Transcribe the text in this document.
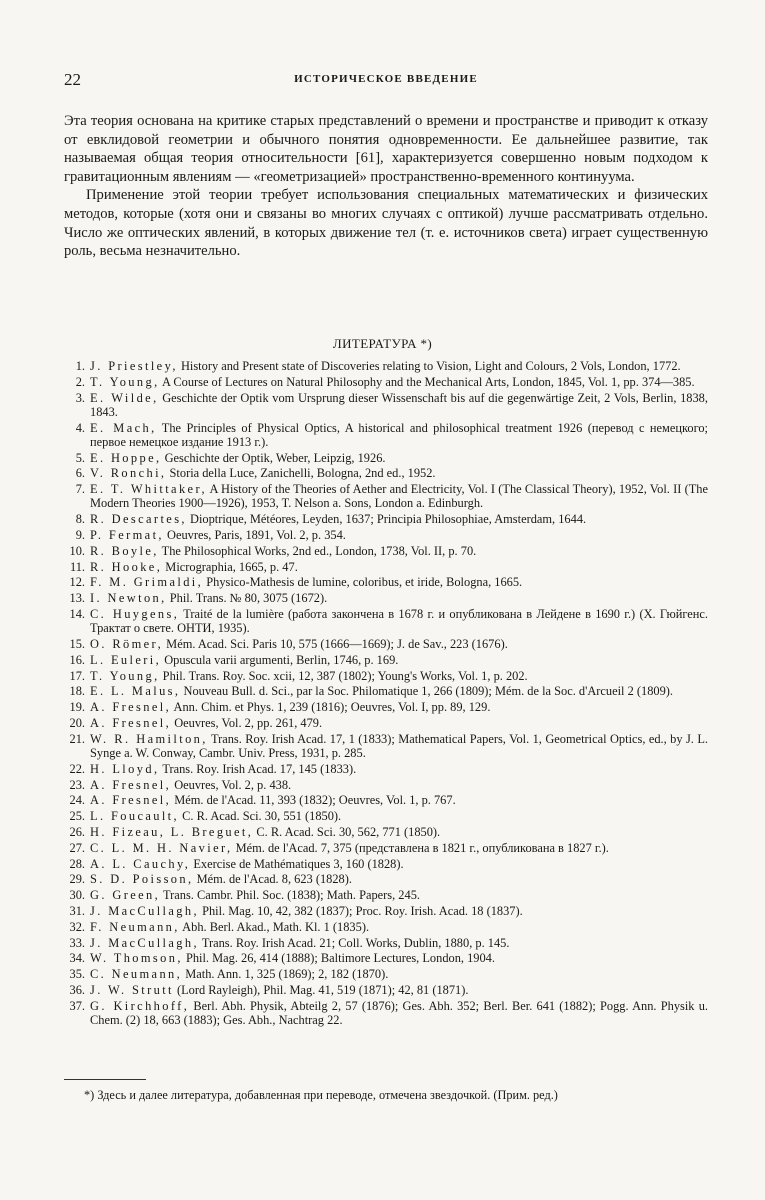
22	ИСТОРИЧЕСКОЕ ВВЕДЕНИЕ

Эта теория основана на критике старых представлений о времени и пространстве и приводит к отказу от евклидовой геометрии и обычного понятия одновременности. Ее дальнейшее развитие, так называемая общая теория относительности [61], характеризуется совершенно новым подходом к гравитационным явлениям — «геометризацией» пространственно-временного континуума.

Применение этой теории требует использования специальных математических и физических методов, которые (хотя они и связаны во многих случаях с оптикой) лучше рассматривать отдельно. Число же оптических явлений, в которых движение тел (т. е. источников света) играет существенную роль, весьма незначительно.

ЛИТЕРАТУРА *)
1. J. Priestley, History and Present state of Discoveries relating to Vision, Light and Colours, 2 Vols, London, 1772.
2. T. Young, A Course of Lectures on Natural Philosophy and the Mechanical Arts, London, 1845, Vol. 1, pp. 374—385.
3. E. Wilde, Geschichte der Optik vom Ursprung dieser Wissenschaft bis auf die gegenwärtige Zeit, 2 Vols, Berlin, 1838, 1843.
4. E. Mach, The Principles of Physical Optics, A historical and philosophical treatment 1926 (перевод с немецкого; первое немецкое издание 1913 г.).
5. E. Hoppe, Geschichte der Optik, Weber, Leipzig, 1926.
6. V. Ronchi, Storia della Luce, Zanichelli, Bologna, 2nd ed., 1952.
7. E. T. Whittaker, A History of the Theories of Aether and Electricity, Vol. I (The Classical Theory), 1952, Vol. II (The Modern Theories 1900—1926), 1953, T. Nelson a. Sons, London a. Edinburgh.
8. R. Descartes, Dioptrique, Météores, Leyden, 1637; Principia Philosophiae, Amsterdam, 1644.
9. P. Fermat, Oeuvres, Paris, 1891, Vol. 2, p. 354.
10. R. Boyle, The Philosophical Works, 2nd ed., London, 1738, Vol. II, p. 70.
11. R. Hooke, Micrographia, 1665, p. 47.
12. F. M. Grimaldi, Physico-Mathesis de lumine, coloribus, et iride, Bologna, 1665.
13. I. Newton, Phil. Trans. № 80, 3075 (1672).
14. C. Huygens, Traité de la lumière (работа закончена в 1678 г. и опубликована в Лейдене в 1690 г.) (Х. Гюйгенс. Трактат о свете. ОНТИ, 1935).
15. O. Römer, Mém. Acad. Sci. Paris 10, 575 (1666—1669); J. de Sav., 223 (1676).
16. L. Euleri, Opuscula varii argumenti, Berlin, 1746, p. 169.
17. T. Young, Phil. Trans. Roy. Soc. xcii, 12, 387 (1802); Young's Works, Vol. 1, p. 202.
18. E. L. Malus, Nouveau Bull. d. Sci., par la Soc. Philomatique 1, 266 (1809); Mém. de la Soc. d'Arcueil 2 (1809).
19. A. Fresnel, Ann. Chim. et Phys. 1, 239 (1816); Oeuvres, Vol. I, pp. 89, 129.
20. A. Fresnel, Oeuvres, Vol. 2, pp. 261, 479.
21. W. R. Hamilton, Trans. Roy. Irish Acad. 17, 1 (1833); Mathematical Papers, Vol. 1, Geometrical Optics, ed., by J. L. Synge a. W. Conway, Cambr. Univ. Press, 1931, p. 285.
22. H. Lloyd, Trans. Roy. Irish Acad. 17, 145 (1833).
23. A. Fresnel, Oeuvres, Vol. 2, p. 438.
24. A. Fresnel, Mém. de l'Acad. 11, 393 (1832); Oeuvres, Vol. 1, p. 767.
25. L. Foucault, C. R. Acad. Sci. 30, 551 (1850).
26. H. Fizeau, L. Breguet, C. R. Acad. Sci. 30, 562, 771 (1850).
27. C. L. M. H. Navier, Mém. de l'Acad. 7, 375 (представлена в 1821 г., опубликована в 1827 г.).
28. A. L. Cauchy, Exercise de Mathématiques 3, 160 (1828).
29. S. D. Poisson, Mém. de l'Acad. 8, 623 (1828).
30. G. Green, Trans. Cambr. Phil. Soc. (1838); Math. Papers, 245.
31. J. MacCullagh, Phil. Mag. 10, 42, 382 (1837); Proc. Roy. Irish. Acad. 18 (1837).
32. F. Neumann, Abh. Berl. Akad., Math. Kl. 1 (1835).
33. J. MacCullagh, Trans. Roy. Irish Acad. 21; Coll. Works, Dublin, 1880, p. 145.
34. W. Thomson, Phil. Mag. 26, 414 (1888); Baltimore Lectures, London, 1904.
35. C. Neumann, Math. Ann. 1, 325 (1869); 2, 182 (1870).
36. J. W. Strutt (Lord Rayleigh), Phil. Mag. 41, 519 (1871); 42, 81 (1871).
37. G. Kirchhoff, Berl. Abh. Physik, Abteilg 2, 57 (1876); Ges. Abh. 352; Berl. Ber. 641 (1882); Pogg. Ann. Physik u. Chem. (2) 18, 663 (1883); Ges. Abh., Nachtrag 22.
*) Здесь и далее литература, добавленная при переводе, отмечена звездочкой. (Прим. ред.)
